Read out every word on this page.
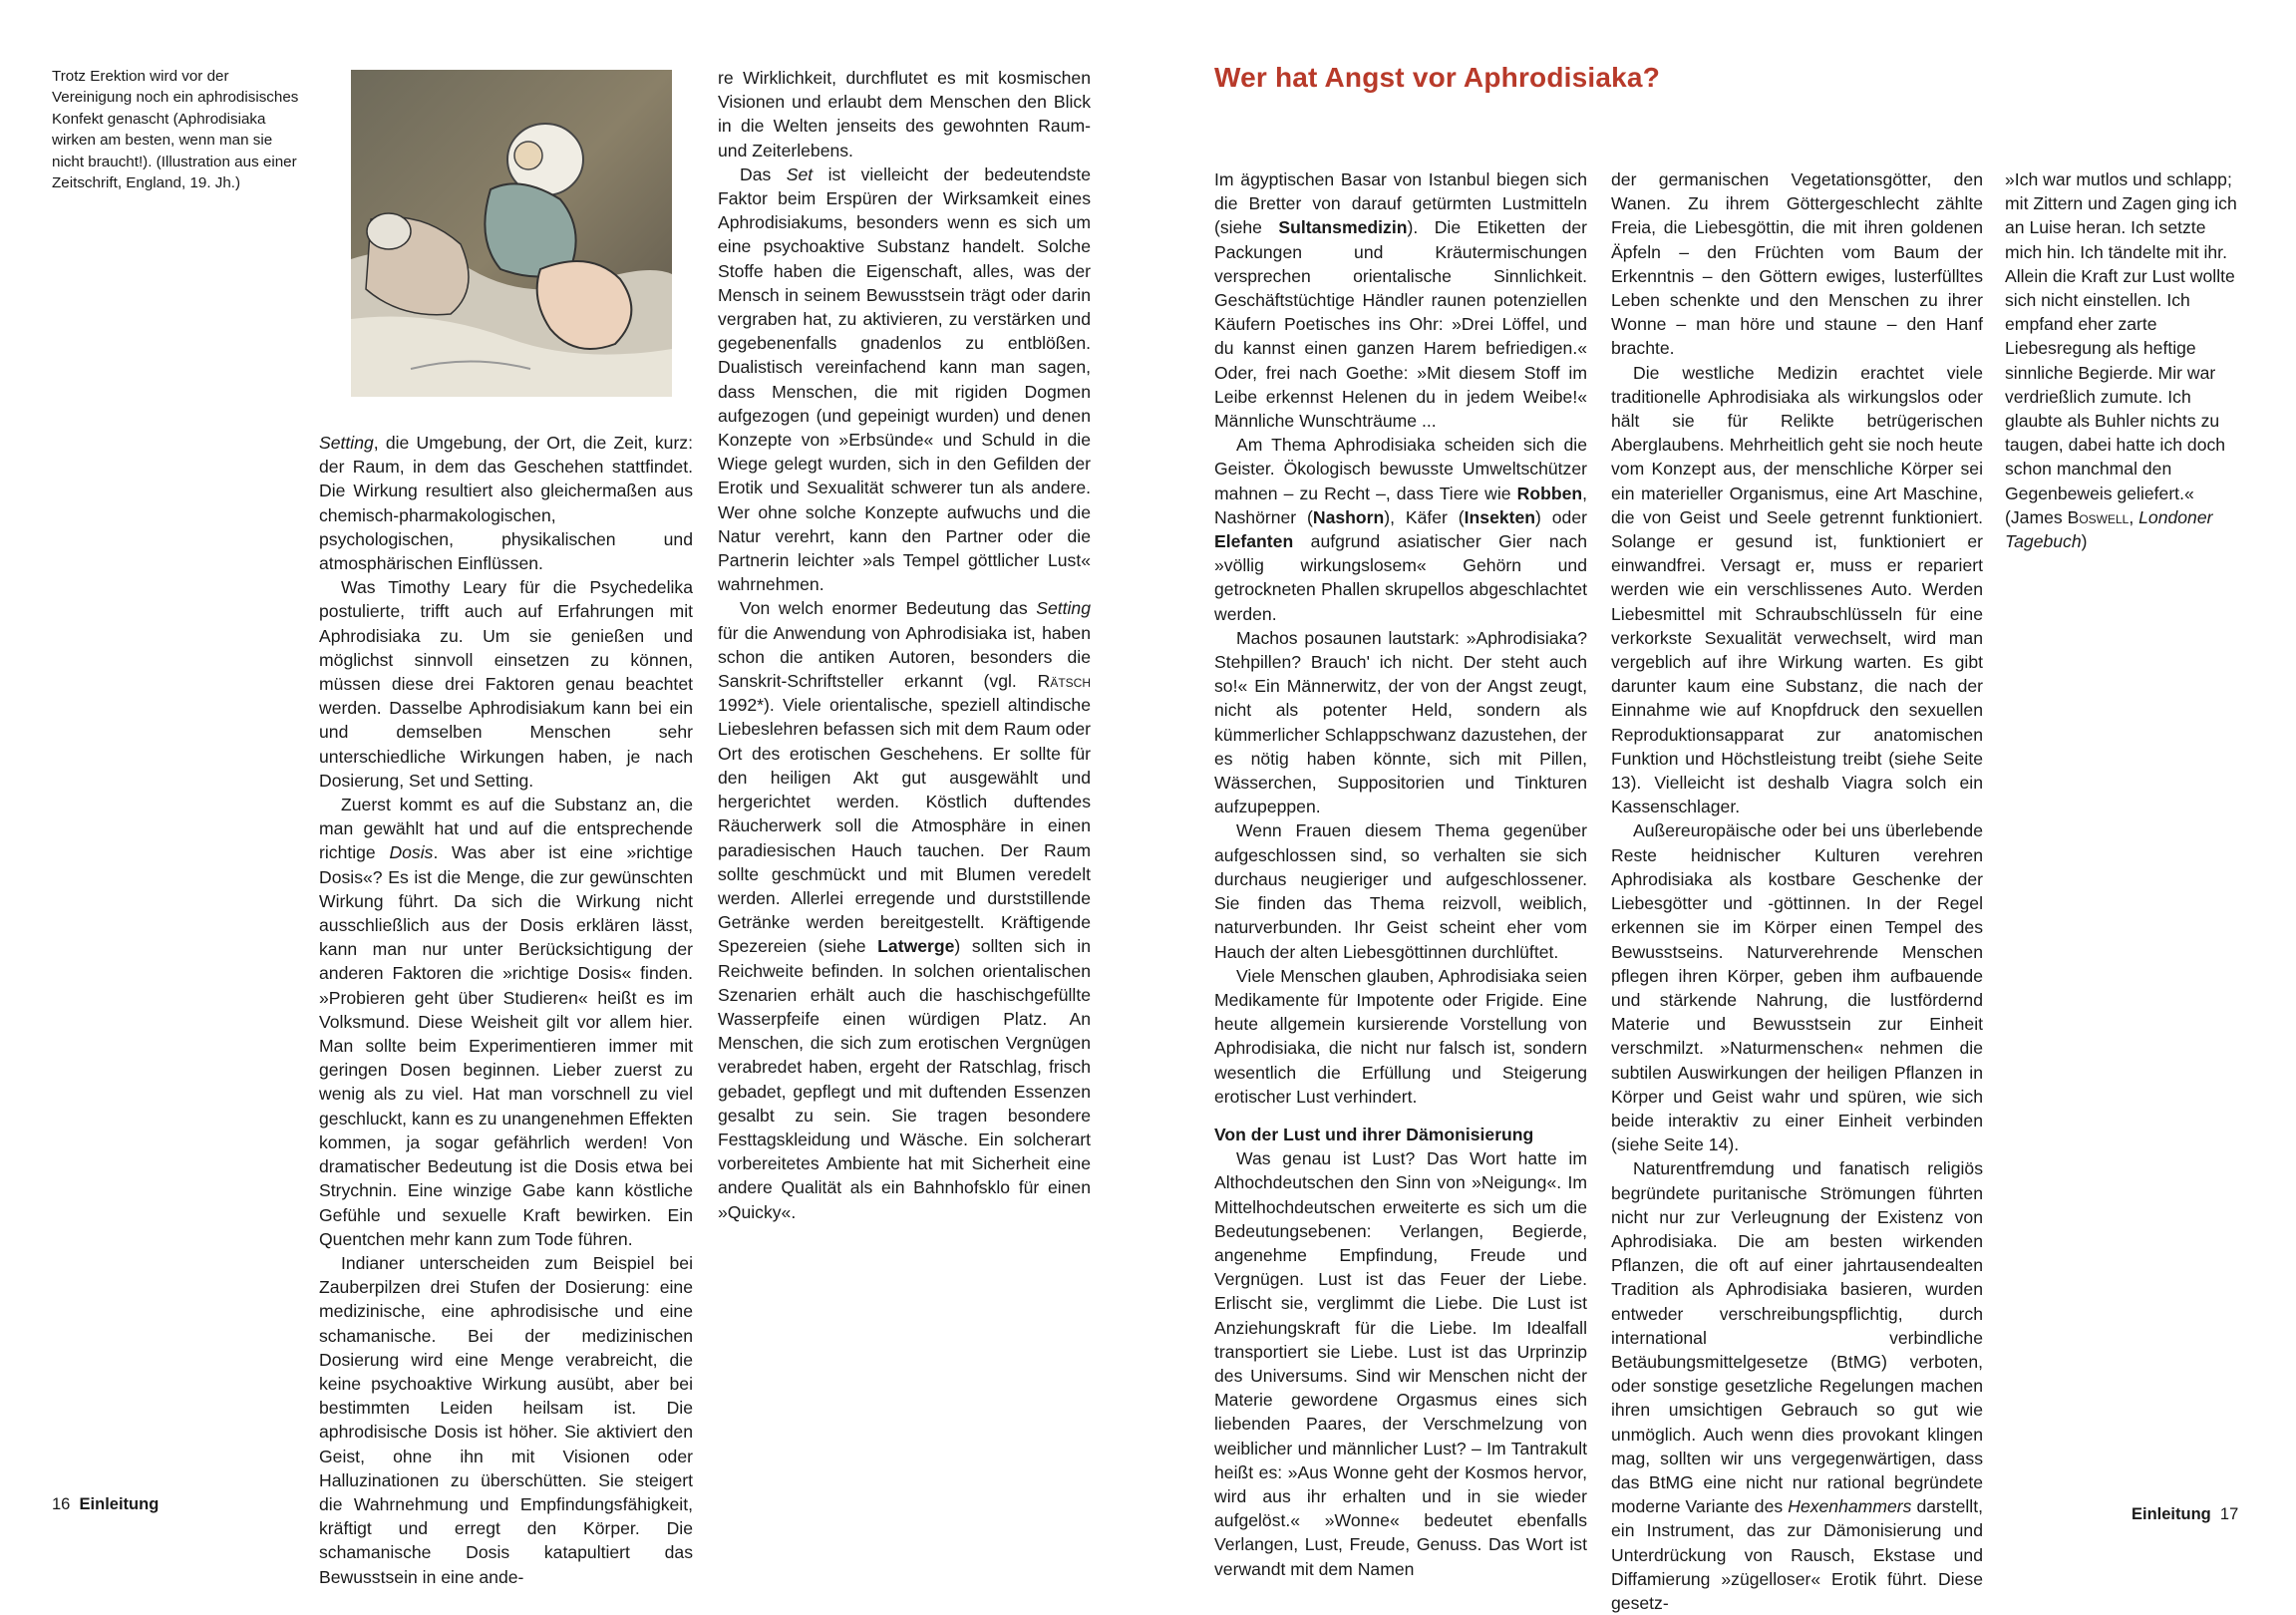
Trotz Erektion wird vor der Vereinigung noch ein aphrodisisches Konfekt genascht (Aphrodisiaka wirken am besten, wenn man sie nicht braucht!). (Illustration aus einer Zeitschrift, England, 19. Jh.)

Setting, die Umgebung, der Ort, die Zeit, kurz: der Raum, in dem das Geschehen stattfindet. Die Wirkung resultiert also gleichermaßen aus chemisch-pharmakologischen, psychologischen, physikalischen und atmosphärischen Einflüssen.

Was Timothy Leary für die Psychedelika postulierte, trifft auch auf Erfahrungen mit Aphrodisiaka zu. Um sie genießen und möglichst sinnvoll einsetzen zu können, müssen diese drei Faktoren genau beachtet werden. Dasselbe Aphrodisiakum kann bei ein und demselben Menschen sehr unterschiedliche Wirkungen haben, je nach Dosierung, Set und Setting.

Zuerst kommt es auf die Substanz an, die man gewählt hat und auf die entsprechende richtige Dosis. Was aber ist eine »richtige Dosis«? Es ist die Menge, die zur gewünschten Wirkung führt. Da sich die Wirkung nicht ausschließlich aus der Dosis erklären lässt, kann man nur unter Berücksichtigung der anderen Faktoren die »richtige Dosis« finden. »Probieren geht über Studieren« heißt es im Volksmund. Diese Weisheit gilt vor allem hier. Man sollte beim Experimentieren immer mit geringen Dosen beginnen. Lieber zuerst zu wenig als zu viel. Hat man vorschnell zu viel geschluckt, kann es zu unangenehmen Effekten kommen, ja sogar gefährlich werden! Von dramatischer Bedeutung ist die Dosis etwa bei Strychnin. Eine winzige Gabe kann köstliche Gefühle und sexuelle Kraft bewirken. Ein Quentchen mehr kann zum Tode führen.

Indianer unterscheiden zum Beispiel bei Zauberpilzen drei Stufen der Dosierung: eine medizinische, eine aphrodisische und eine schamanische. Bei der medizinischen Dosierung wird eine Menge verabreicht, die keine psychoaktive Wirkung ausübt, aber bei bestimmten Leiden heilsam ist. Die aphrodisische Dosis ist höher. Sie aktiviert den Geist, ohne ihn mit Visionen oder Halluzinationen zu überschütten. Sie steigert die Wahrnehmung und Empfindungsfähigkeit, kräftigt und erregt den Körper. Die schamanische Dosis katapultiert das Bewusstsein in eine ande-

re Wirklichkeit, durchflutet es mit kosmischen Visionen und erlaubt dem Menschen den Blick in die Welten jenseits des gewohnten Raum- und Zeiterlebens.

Das Set ist vielleicht der bedeutendste Faktor beim Erspüren der Wirksamkeit eines Aphrodisiakums, besonders wenn es sich um eine psychoaktive Substanz handelt. Solche Stoffe haben die Eigenschaft, alles, was der Mensch in seinem Bewusstsein trägt oder darin vergraben hat, zu aktivieren, zu verstärken und gegebenenfalls gnadenlos zu entblößen. Dualistisch vereinfachend kann man sagen, dass Menschen, die mit rigiden Dogmen aufgezogen (und gepeinigt wurden) und denen Konzepte von »Erbsünde« und Schuld in die Wiege gelegt wurden, sich in den Gefilden der Erotik und Sexualität schwerer tun als andere. Wer ohne solche Konzepte aufwuchs und die Natur verehrt, kann den Partner oder die Partnerin leichter »als Tempel göttlicher Lust« wahrnehmen.

Von welch enormer Bedeutung das Setting für die Anwendung von Aphrodisiaka ist, haben schon die antiken Autoren, besonders die Sanskrit-Schriftsteller erkannt (vgl. Rätsch 1992*). Viele orientalische, speziell altindische Liebeslehren befassen sich mit dem Raum oder Ort des erotischen Geschehens. Er sollte für den heiligen Akt gut ausgewählt und hergerichtet werden. Köstlich duftendes Räucherwerk soll die Atmosphäre in einen paradiesischen Hauch tauchen. Der Raum sollte geschmückt und mit Blumen veredelt werden. Allerlei erregende und durststillende Getränke werden bereitgestellt. Kräftigende Spezereien (siehe Latwerge) sollten sich in Reichweite befinden. In solchen orientalischen Szenarien erhält auch die haschischgefüllte Wasserpfeife einen würdigen Platz. An Menschen, die sich zum erotischen Vergnügen verabredet haben, ergeht der Ratschlag, frisch gebadet, gepflegt und mit duftenden Essenzen gesalbt zu sein. Sie tragen besondere Festtagskleidung und Wäsche. Ein solcherart vorbereitetes Ambiente hat mit Sicherheit eine andere Qualität als ein Bahnhofsklo für einen »Quicky«.

16 Einleitung
Wer hat Angst vor Aphrodisiaka?

Im ägyptischen Basar von Istanbul biegen sich die Bretter von darauf getürmten Lustmitteln (siehe Sultansmedizin). Die Etiketten der Packungen und Kräutermischungen versprechen orientalische Sinnlichkeit. Geschäftstüchtige Händler raunen potenziellen Käufern Poetisches ins Ohr: »Drei Löffel, und du kannst einen ganzen Harem befriedigen.« Oder, frei nach Goethe: »Mit diesem Stoff im Leibe erkennst Helenen du in jedem Weibe!« Männliche Wunschträume ...

Am Thema Aphrodisiaka scheiden sich die Geister. Ökologisch bewusste Umweltschützer mahnen – zu Recht –, dass Tiere wie Robben, Nashörner (Nashorn), Käfer (Insekten) oder Elefanten aufgrund asiatischer Gier nach »völlig wirkungslosem« Gehörn und getrockneten Phallen skrupellos abgeschlachtet werden.

Machos posaunen lautstark: »Aphrodisiaka? Stehpillen? Brauch' ich nicht. Der steht auch so!« Ein Männerwitz, der von der Angst zeugt, nicht als potenter Held, sondern als kümmerlicher Schlappschwanz dazustehen, der es nötig haben könnte, sich mit Pillen, Wässerchen, Suppositorien und Tinkturen aufzupeppen.

Wenn Frauen diesem Thema gegenüber aufgeschlossen sind, so verhalten sie sich durchaus neugieriger und aufgeschlossener. Sie finden das Thema reizvoll, weiblich, naturverbunden. Ihr Geist scheint eher vom Hauch der alten Liebesgöttinnen durchlüftet.

Viele Menschen glauben, Aphrodisiaka seien Medikamente für Impotente oder Frigide. Eine heute allgemein kursierende Vorstellung von Aphrodisiaka, die nicht nur falsch ist, sondern wesentlich die Erfüllung und Steigerung erotischer Lust verhindert.

Von der Lust und ihrer Dämonisierung

Was genau ist Lust? Das Wort hatte im Althochdeutschen den Sinn von »Neigung«. Im Mittelhochdeutschen erweiterte es sich um die Bedeutungsebenen: Verlangen, Begierde, angenehme Empfindung, Freude und Vergnügen. Lust ist das Feuer der Liebe. Erlischt sie, verglimmt die Liebe. Die Lust ist Anziehungskraft für die Liebe. Im Idealfall transportiert sie Liebe. Lust ist das Urprinzip des Universums. Sind wir Menschen nicht der Materie gewordene Orgasmus eines sich liebenden Paares, der Verschmelzung von weiblicher und männlicher Lust? – Im Tantrakult heißt es: »Aus Wonne geht der Kosmos hervor, wird aus ihr erhalten und in sie wieder aufgelöst.« »Wonne« bedeutet ebenfalls Verlangen, Lust, Freude, Genuss. Das Wort ist verwandt mit dem Namen

der germanischen Vegetationsgötter, den Wanen. Zu ihrem Göttergeschlecht zählte Freia, die Liebesgöttin, die mit ihren goldenen Äpfeln – den Früchten vom Baum der Erkenntnis – den Göttern ewiges, lusterfülltes Leben schenkte und den Menschen zu ihrer Wonne – man höre und staune – den Hanf brachte.

Die westliche Medizin erachtet viele traditionelle Aphrodisiaka als wirkungslos oder hält sie für Relikte betrügerischen Aberglaubens. Mehrheitlich geht sie noch heute vom Konzept aus, der menschliche Körper sei ein materieller Organismus, eine Art Maschine, die von Geist und Seele getrennt funktioniert. Solange er gesund ist, funktioniert er einwandfrei. Versagt er, muss er repariert werden wie ein verschlissenes Auto. Werden Liebesmittel mit Schraubschlüsseln für eine verkorkste Sexualität verwechselt, wird man vergeblich auf ihre Wirkung warten. Es gibt darunter kaum eine Substanz, die nach der Einnahme wie auf Knopfdruck den sexuellen Reproduktionsapparat zur anatomischen Funktion und Höchstleistung treibt (siehe Seite 13). Vielleicht ist deshalb Viagra solch ein Kassenschlager.

Außereuropäische oder bei uns überlebende Reste heidnischer Kulturen verehren Aphrodisiaka als kostbare Geschenke der Liebesgötter und -göttinnen. In der Regel erkennen sie im Körper einen Tempel des Bewusstseins. Naturverehrende Menschen pflegen ihren Körper, geben ihm aufbauende und stärkende Nahrung, die lustfördernd Materie und Bewusstsein zur Einheit verschmilzt. »Naturmenschen« nehmen die subtilen Auswirkungen der heiligen Pflanzen in Körper und Geist wahr und spüren, wie sich beide interaktiv zu einer Einheit verbinden (siehe Seite 14).

Naturentfremdung und fanatisch religiös begründete puritanische Strömungen führten nicht nur zur Verleugnung der Existenz von Aphrodisiaka. Die am besten wirkenden Pflanzen, die oft auf einer jahrtausendealten Tradition als Aphrodisiaka basieren, wurden entweder verschreibungspflichtig, durch international verbindliche Betäubungsmittelgesetze (BtMG) verboten, oder sonstige gesetzliche Regelungen machen ihren umsichtigen Gebrauch so gut wie unmöglich. Auch wenn dies provokant klingen mag, sollten wir uns vergegenwärtigen, dass das BtMG eine nicht nur rational begründete moderne Variante des Hexenhammers darstellt, ein Instrument, das zur Dämonisierung und Unterdrückung von Rausch, Ekstase und Diffamierung »zügelloser« Erotik führt. Diese gesetz-

»Ich war mutlos und schlapp; mit Zittern und Zagen ging ich an Luise heran. Ich setzte mich hin. Ich tändelte mit ihr. Allein die Kraft zur Lust wollte sich nicht einstellen. Ich empfand eher zarte Liebesregung als heftige sinnliche Begierde. Mir war verdrießlich zumute. Ich glaubte als Buhler nichts zu taugen, dabei hatte ich doch schon manchmal den Gegenbeweis geliefert.« (James Boswell, Londoner Tagebuch)
Einleitung 17
